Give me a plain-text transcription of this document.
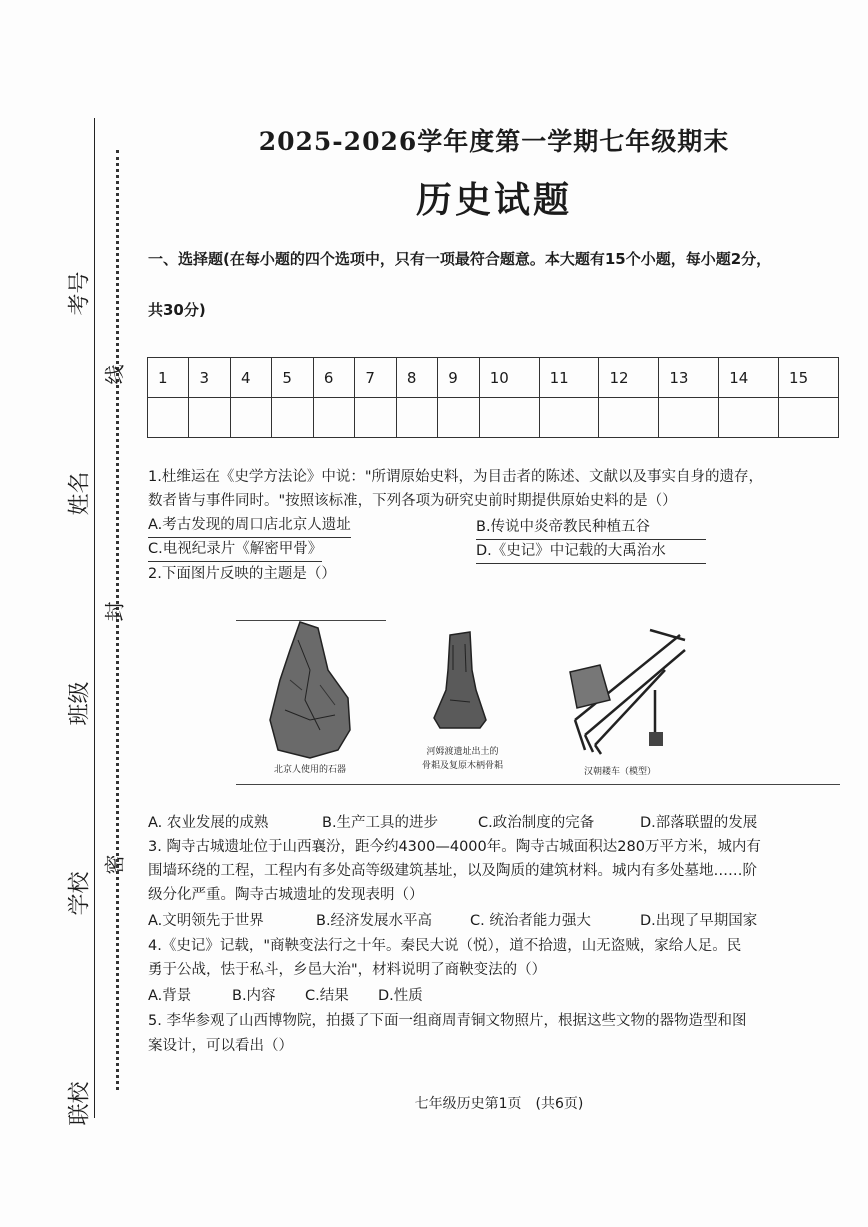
考号
线
姓名
封
班级
学校
密
联校
2025-2026学年度第一学期七年级期末
历史试题
一、选择题(在每小题的四个选项中，只有一项最符合题意。本大题有15个小题，每小题2分，
共30分)
1	3	4	5	6	7	8	9	10	11	12	13	14	15

1.杜维运在《史学方法论》中说："所谓原始史料，为目击者的陈述、文献以及事实自身的遗存，
数者皆与事件同时。"按照该标准，下列各项为研究史前时期提供原始史料的是（）
A.考古发现的周口店北京人遗址	B.传说中炎帝教民种植五谷
C.电视纪录片《解密甲骨》	D.《史记》中记载的大禹治水
2.下面图片反映的主题是（）
北京人使用的石器
河姆渡遗址出土的
骨耜及复原木柄骨耜
汉朝耧车（模型）
A. 农业发展的成熟	B.生产工具的进步	C.政治制度的完备	D.部落联盟的发展
3. 陶寺古城遗址位于山西襄汾，距今约4300—4000年。陶寺古城面积达280万平方米，城内有
围墙环绕的工程，工程内有多处高等级建筑基址，以及陶质的建筑材料。城内有多处墓地……阶
级分化严重。陶寺古城遗址的发现表明（）
A.文明领先于世界	B.经济发展水平高	C. 统治者能力强大	D.出现了早期国家
4.《史记》记载，"商鞅变法行之十年。秦民大说（悦），道不拾遗，山无盗贼，家给人足。民
勇于公战，怯于私斗，乡邑大治"，材料说明了商鞅变法的（）
A.背景	B.内容 C.结果 D.性质
5. 李华参观了山西博物院，拍摄了下面一组商周青铜文物照片，根据这些文物的器物造型和图
案设计，可以看出（）
七年级历史第1页　(共6页)
